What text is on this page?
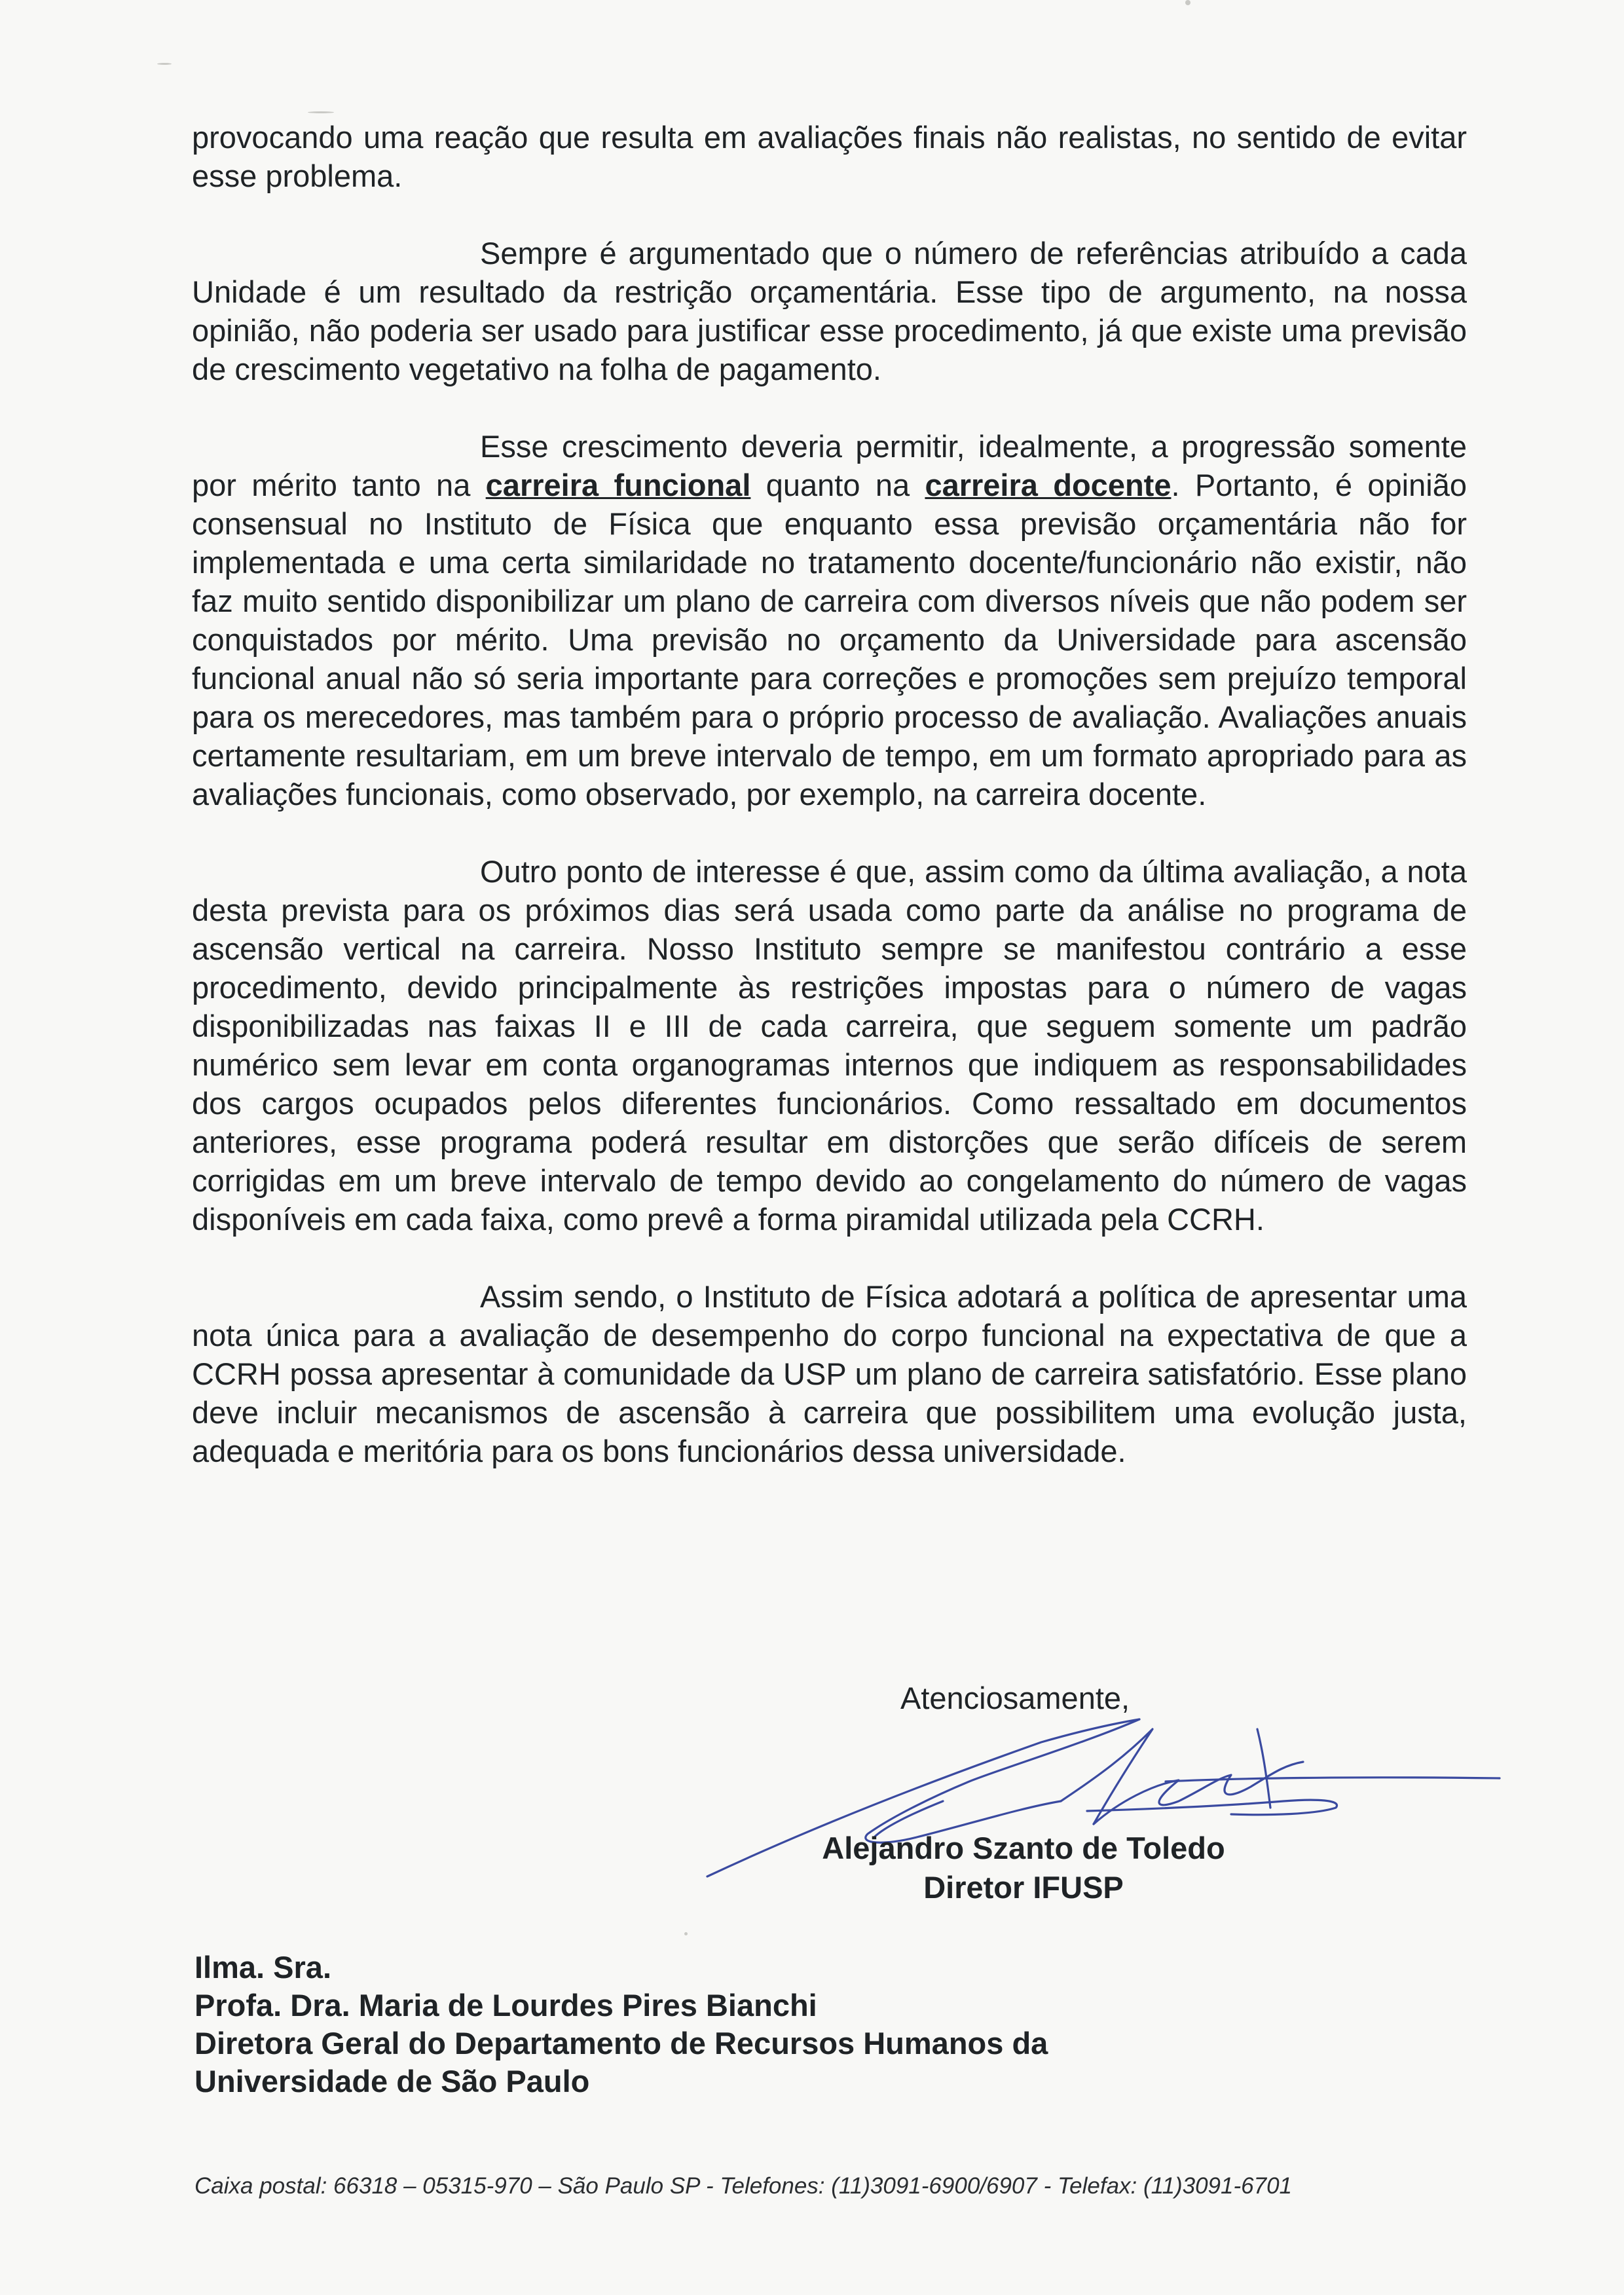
provocando uma reação que resulta em avaliações finais não realistas, no sentido de evitar esse problema.

Sempre é argumentado que o número de referências atribuído a cada Unidade é um resultado da restrição orçamentária. Esse tipo de argumento, na nossa opinião, não poderia ser usado para justificar esse procedimento, já que existe uma previsão de crescimento vegetativo na folha de pagamento.

Esse crescimento deveria permitir, idealmente, a progressão somente por mérito tanto na carreira funcional quanto na carreira docente. Portanto, é opinião consensual no Instituto de Física que enquanto essa previsão orçamentária não for implementada e uma certa similaridade no tratamento docente/funcionário não existir, não faz muito sentido disponibilizar um plano de carreira com diversos níveis que não podem ser conquistados por mérito. Uma previsão no orçamento da Universidade para ascensão funcional anual não só seria importante para correções e promoções sem prejuízo temporal para os merecedores, mas também para o próprio processo de avaliação. Avaliações anuais certamente resultariam, em um breve intervalo de tempo, em um formato apropriado para as avaliações funcionais, como observado, por exemplo, na carreira docente.

Outro ponto de interesse é que, assim como da última avaliação, a nota desta prevista para os próximos dias será usada como parte da análise no programa de ascensão vertical na carreira. Nosso Instituto sempre se manifestou contrário a esse procedimento, devido principalmente às restrições impostas para o número de vagas disponibilizadas nas faixas II e III de cada carreira, que seguem somente um padrão numérico sem levar em conta organogramas internos que indiquem as responsabilidades dos cargos ocupados pelos diferentes funcionários. Como ressaltado em documentos anteriores, esse programa poderá resultar em distorções que serão difíceis de serem corrigidas em um breve intervalo de tempo devido ao congelamento do número de vagas disponíveis em cada faixa, como prevê a forma piramidal utilizada pela CCRH.

Assim sendo, o Instituto de Física adotará a política de apresentar uma nota única para a avaliação de desempenho do corpo funcional na expectativa de que a CCRH possa apresentar à comunidade da USP um plano de carreira satisfatório. Esse plano deve incluir mecanismos de ascensão à carreira que possibilitem uma evolução justa, adequada e meritória para os bons funcionários dessa universidade.

Atenciosamente,
Alejandro Szanto de Toledo
Diretor IFUSP
Ilma. Sra.
Profa. Dra. Maria de Lourdes Pires Bianchi
Diretora Geral do Departamento de Recursos Humanos da
Universidade de São Paulo
Caixa postal: 66318 – 05315-970 – São Paulo SP - Telefones: (11)3091-6900/6907 - Telefax: (11)3091-6701
